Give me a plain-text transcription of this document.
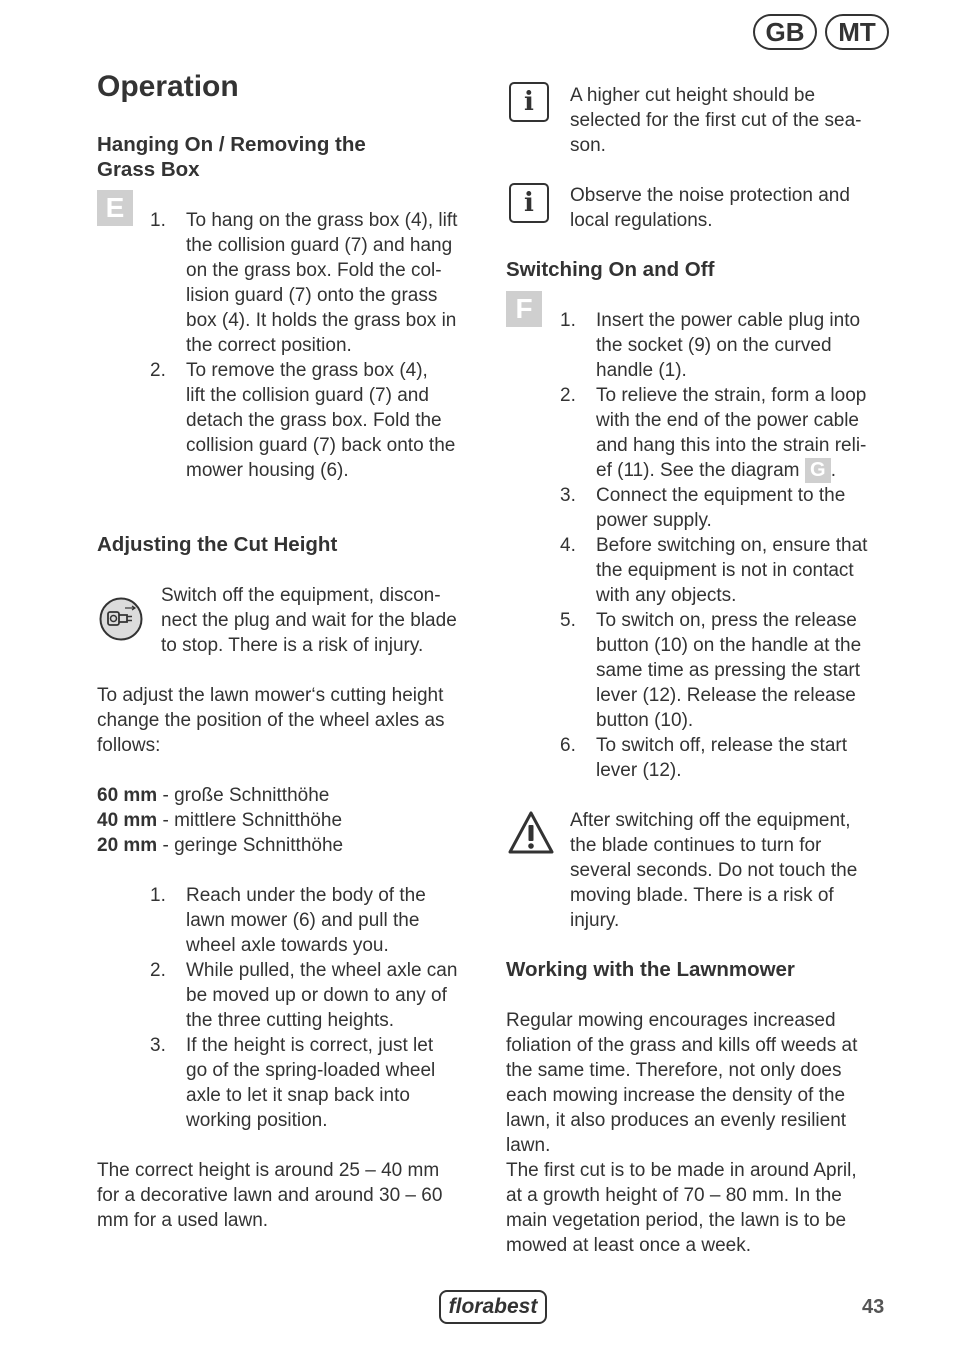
GB	MT
Operation
Hanging On / Removing the
Grass Box
E	1. To hang on the grass box (4), lift
the collision guard (7) and hang
on the grass box. Fold the col-
lision guard (7) onto the grass
box (4). It holds the grass box in
the correct position.
2. To remove the grass box (4),
lift the collision guard (7) and
detach the grass box. Fold the
collision guard (7) back onto the
mower housing (6).
Adjusting the Cut Height
Switch off the equipment, discon-
nect the plug and wait for the blade
to stop. There is a risk of injury.
To adjust the lawn mower‘s cutting height
change the position of the wheel axles as
follows:
60 mm - große Schnitthöhe
40 mm - mittlere Schnitthöhe
20 mm - geringe Schnitthöhe
1. Reach under the body of the
lawn mower (6) and pull the
wheel axle towards you.
2. While pulled, the wheel axle can
be moved up or down to any of
the three cutting heights.
3. If the height is correct, just let
go of the spring-loaded wheel
axle to let it snap back into
working position.
The correct height is around 25 – 40 mm
for a decorative lawn and around 30 – 60
mm for a used lawn.
i	A higher cut height should be
selected for the first cut of the sea-
son.
i	Observe the noise protection and
local regulations.
Switching On and Off
F	1. Insert the power cable plug into
the socket (9) on the curved
handle (1).
2. To relieve the strain, form a loop
with the end of the power cable
and hang this into the strain reli-
ef (11). See the diagram G .
3. Connect the equipment to the
power supply.
4. Before switching on, ensure that
the equipment is not in contact
with any objects.
5. To switch on, press the release
button (10) on the handle at the
same time as pressing the start
lever (12). Release the release
button (10).
6. To switch off, release the start
lever (12).
After switching off the equipment,
the blade continues to turn for
several seconds. Do not touch the
moving blade. There is a risk of
injury.
Working with the Lawnmower
Regular mowing encourages increased
foliation of the grass and kills off weeds at
the same time. Therefore, not only does
each mowing increase the density of the
lawn, it also produces an evenly resilient
lawn.
The first cut is to be made in around April,
at a growth height of 70 – 80 mm. In the
main vegetation period, the lawn is to be
mowed at least once a week.
florabest	43
